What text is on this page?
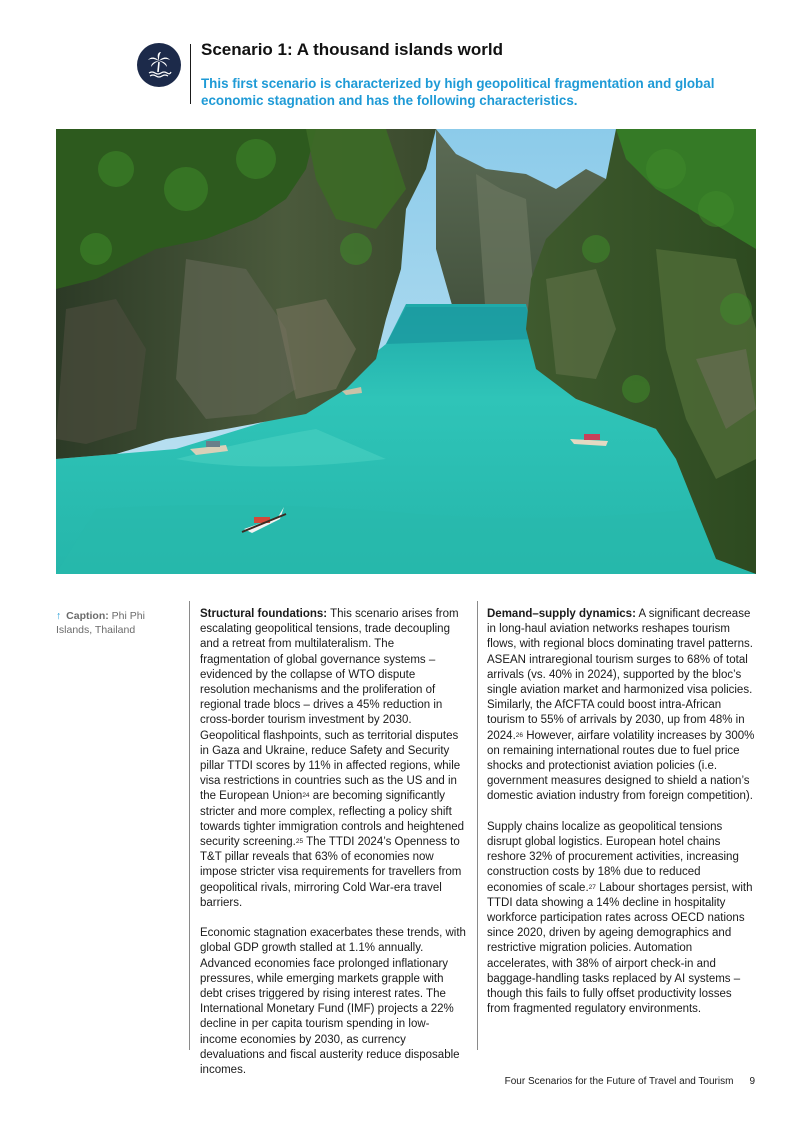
Scenario 1: A thousand islands world
This first scenario is characterized by high geopolitical fragmentation and global economic stagnation and has the following characteristics.
↑ Caption: Phi Phi Islands, Thailand

Structural foundations: This scenario arises from escalating geopolitical tensions, trade decoupling and a retreat from multilateralism. The fragmentation of global governance systems – evidenced by the collapse of WTO dispute resolution mechanisms and the proliferation of regional trade blocs – drives a 45% reduction in cross-border tourism investment by 2030. Geopolitical flashpoints, such as territorial disputes in Gaza and Ukraine, reduce Safety and Security pillar TTDI scores by 11% in affected regions, while visa restrictions in countries such as the US and in the European Union$^{24}$ are becoming significantly stricter and more complex, reflecting a policy shift towards tighter immigration controls and heightened security screening.$^{25}$ The TTDI 2024’s Openness to T&T pillar reveals that 63% of economies now impose stricter visa requirements for travellers from geopolitical rivals, mirroring Cold War-era travel barriers.

Economic stagnation exacerbates these trends, with global GDP growth stalled at 1.1% annually. Advanced economies face prolonged inflationary pressures, while emerging markets grapple with debt crises triggered by rising interest rates. The International Monetary Fund (IMF) projects a 22% decline in per capita tourism spending in low-income economies by 2030, as currency devaluations and fiscal austerity reduce disposable incomes.

Demand–supply dynamics: A significant decrease in long-haul aviation networks reshapes tourism flows, with regional blocs dominating travel patterns. ASEAN intraregional tourism surges to 68% of total arrivals (vs. 40% in 2024), supported by the bloc’s single aviation market and harmonized visa policies. Similarly, the AfCFTA could boost intra-African tourism to 55% of arrivals by 2030, up from 48% in 2024.26 However, airfare volatility increases by 300% on remaining international routes due to fuel price shocks and protectionist aviation policies (i.e. government measures designed to shield a nation’s domestic aviation industry from foreign competition).

Supply chains localize as geopolitical tensions disrupt global logistics. European hotel chains reshore 32% of procurement activities, increasing construction costs by 18% due to reduced economies of scale.$^{27}$ Labour shortages persist, with TTDI data showing a 14% decline in hospitality workforce participation rates across OECD nations since 2020, driven by ageing demographics and restrictive migration policies. Automation accelerates, with 38% of airport check-in and baggage-handling tasks replaced by AI systems – though this fails to fully offset productivity losses from fragmented regulatory environments.

Four Scenarios for the Future of Travel and Tourism 9
